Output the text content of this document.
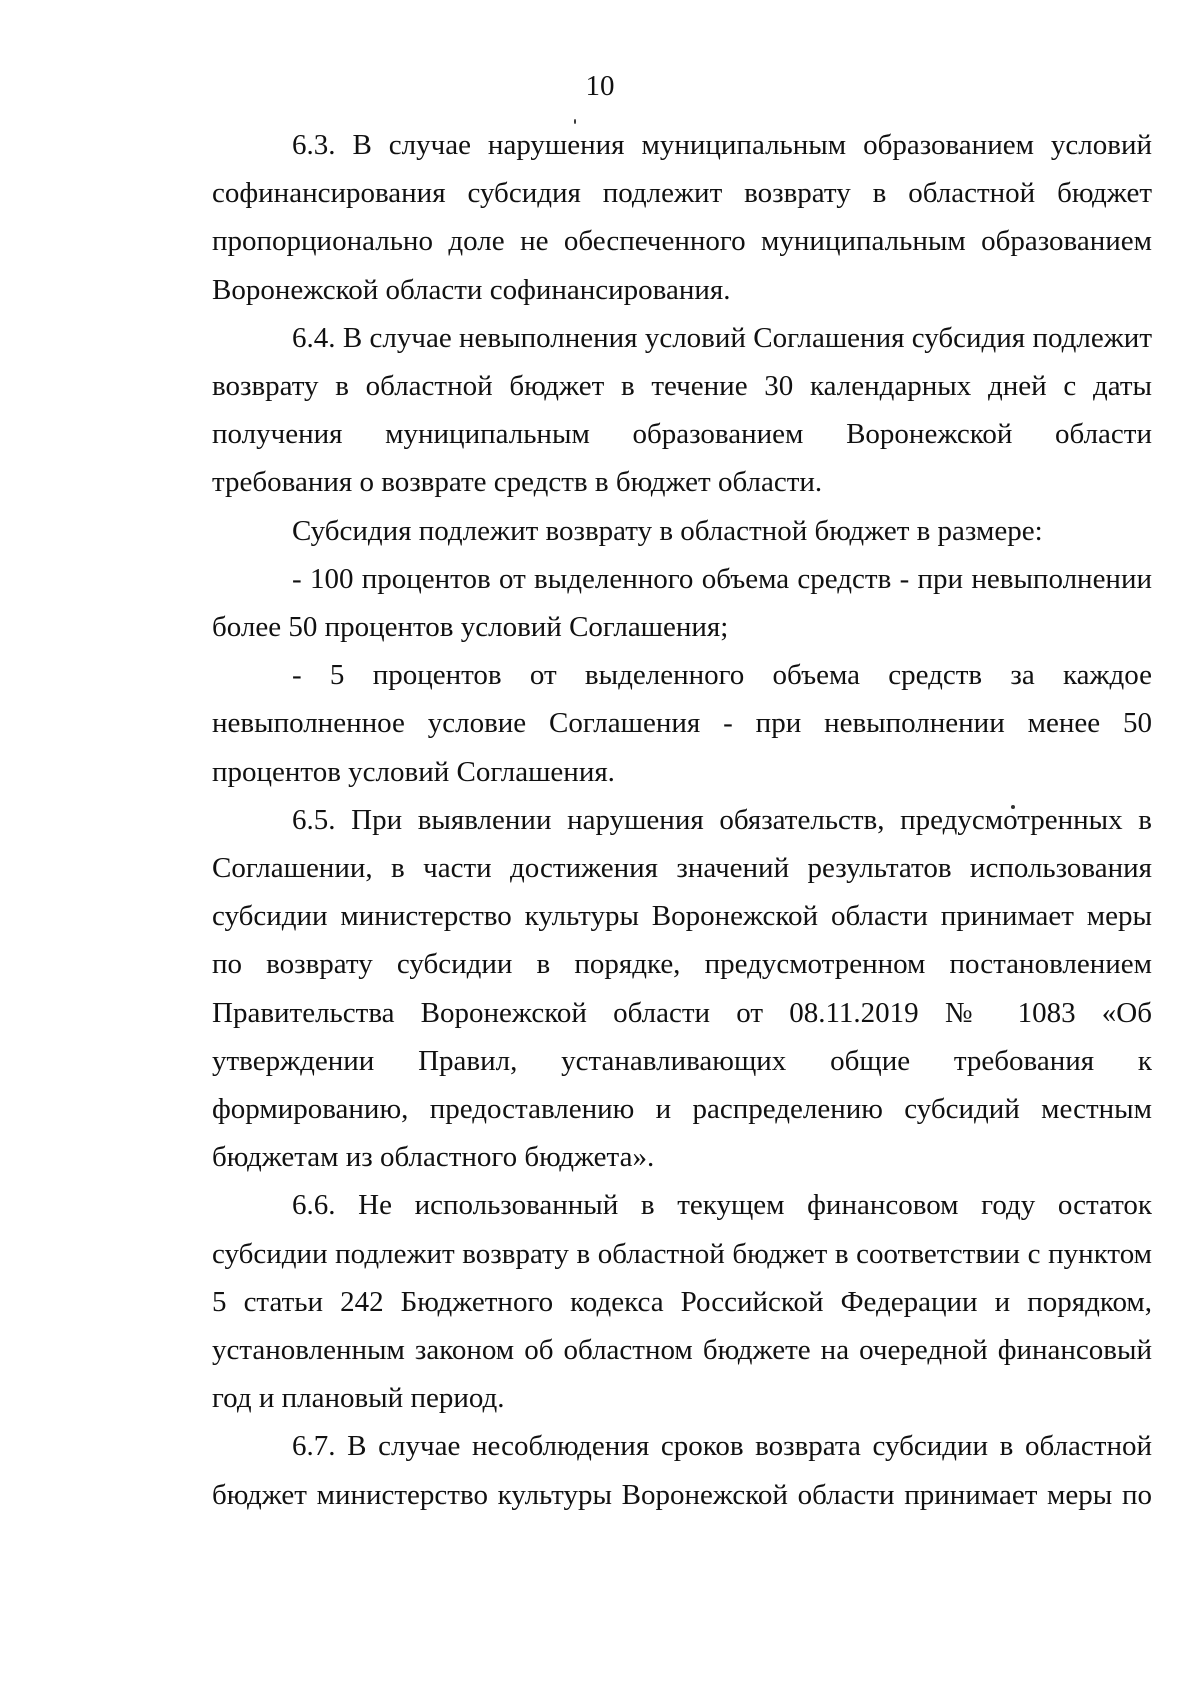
10

6.3. В случае нарушения муниципальным образованием условий софинансирования субсидия подлежит возврату в областной бюджет пропорционально доле не обеспеченного муниципальным образованием Воронежской области софинансирования.

6.4. В случае невыполнения условий Соглашения субсидия подлежит возврату в областной бюджет в течение 30 календарных дней с даты получения муниципальным образованием Воронежской области требования о возврате средств в бюджет области.

Субсидия подлежит возврату в областной бюджет в размере:

- 100 процентов от выделенного объема средств - при невыполнении более 50 процентов условий Соглашения;

- 5 процентов от выделенного объема средств за каждое невыполненное условие Соглашения - при невыполнении менее 50 процентов условий Соглашения.

6.5. При выявлении нарушения обязательств, предусмотренных в Соглашении, в части достижения значений результатов использования субсидии министерство культуры Воронежской области принимает меры по возврату субсидии в порядке, предусмотренном постановлением Правительства Воронежской области от 08.11.2019 № 1083 «Об утверждении Правил, устанавливающих общие требования к формированию, предоставлению и распределению субсидий местным бюджетам из областного бюджета».

6.6. Не использованный в текущем финансовом году остаток субсидии подлежит возврату в областной бюджет в соответствии с пунктом 5 статьи 242 Бюджетного кодекса Российской Федерации и порядком, установленным законом об областном бюджете на очередной финансовый год и плановый период.

6.7. В случае несоблюдения сроков возврата субсидии в областной бюджет министерство культуры Воронежской области принимает меры по
